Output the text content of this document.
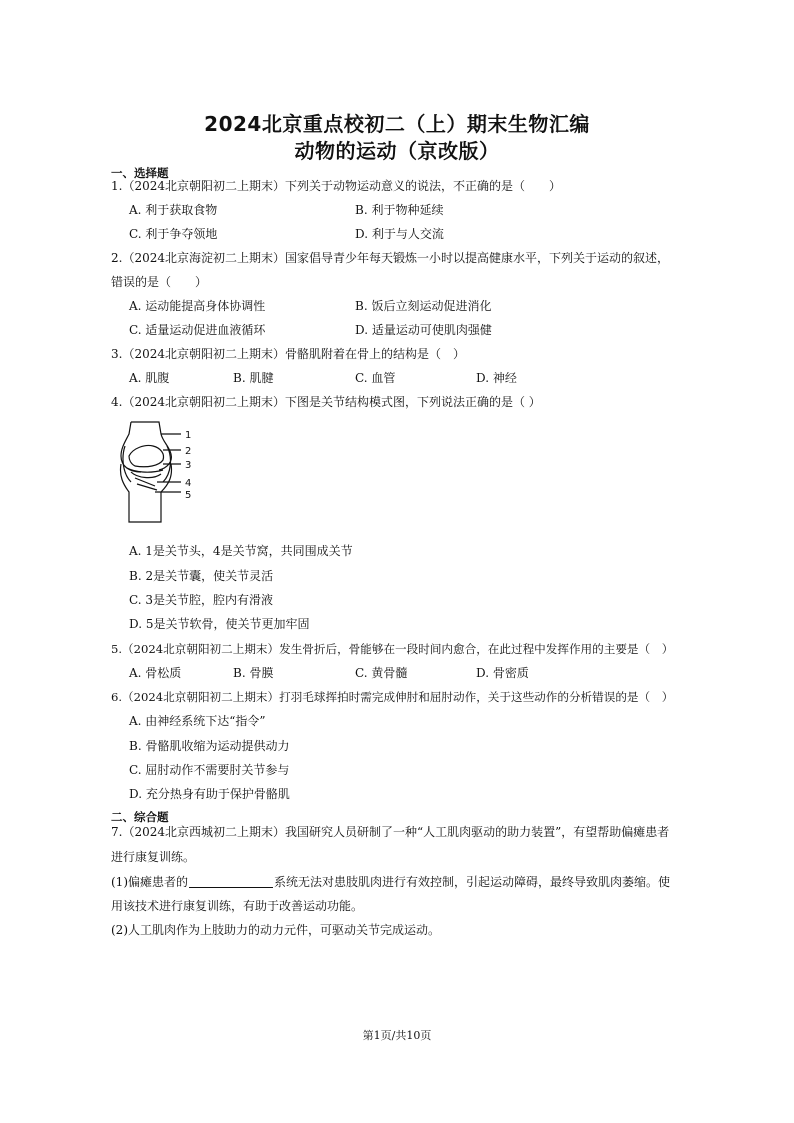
2024北京重点校初二（上）期末生物汇编
动物的运动（京改版）
一、选择题
1.（2024北京朝阳初二上期末）下列关于动物运动意义的说法，不正确的是（　　）
A. 利于获取食物	B. 利于物种延续
C. 利于争夺领地	D. 利于与人交流
2.（2024北京海淀初二上期末）国家倡导青少年每天锻炼一小时以提高健康水平，下列关于运动的叙述，
错误的是（　　）
A. 运动能提高身体协调性	B. 饭后立刻运动促进消化
C. 适量运动促进血液循环	D. 适量运动可使肌肉强健
3.（2024北京朝阳初二上期末）骨骼肌附着在骨上的结构是（　）
A. 肌腹	B. 肌腱	C. 血管	D. 神经
4.（2024北京朝阳初二上期末）下图是关节结构模式图，下列说法正确的是（ ）
1
2
3
4
5
A. 1是关节头，4是关节窝，共同围成关节
B. 2是关节囊，使关节灵活
C. 3是关节腔，腔内有滑液
D. 5是关节软骨，使关节更加牢固
5.（2024北京朝阳初二上期末）发生骨折后，骨能够在一段时间内愈合，在此过程中发挥作用的主要是（　）
A. 骨松质	B. 骨膜	C. 黄骨髓	D. 骨密质
6.（2024北京朝阳初二上期末）打羽毛球挥拍时需完成伸肘和屈肘动作，关于这些动作的分析错误的是（　）
A. 由神经系统下达“指令”
B. 骨骼肌收缩为运动提供动力
C. 屈肘动作不需要肘关节参与
D. 充分热身有助于保护骨骼肌
二、综合题
7.（2024北京西城初二上期末）我国研究人员研制了一种“人工肌肉驱动的助力装置”，有望帮助偏瘫患者
进行康复训练。
(1)偏瘫患者的	系统无法对患肢肌肉进行有效控制，引起运动障碍，最终导致肌肉萎缩。使
用该技术进行康复训练，有助于改善运动功能。
(2)人工肌肉作为上肢助力的动力元件，可驱动关节完成运动。
第1页/共10页
